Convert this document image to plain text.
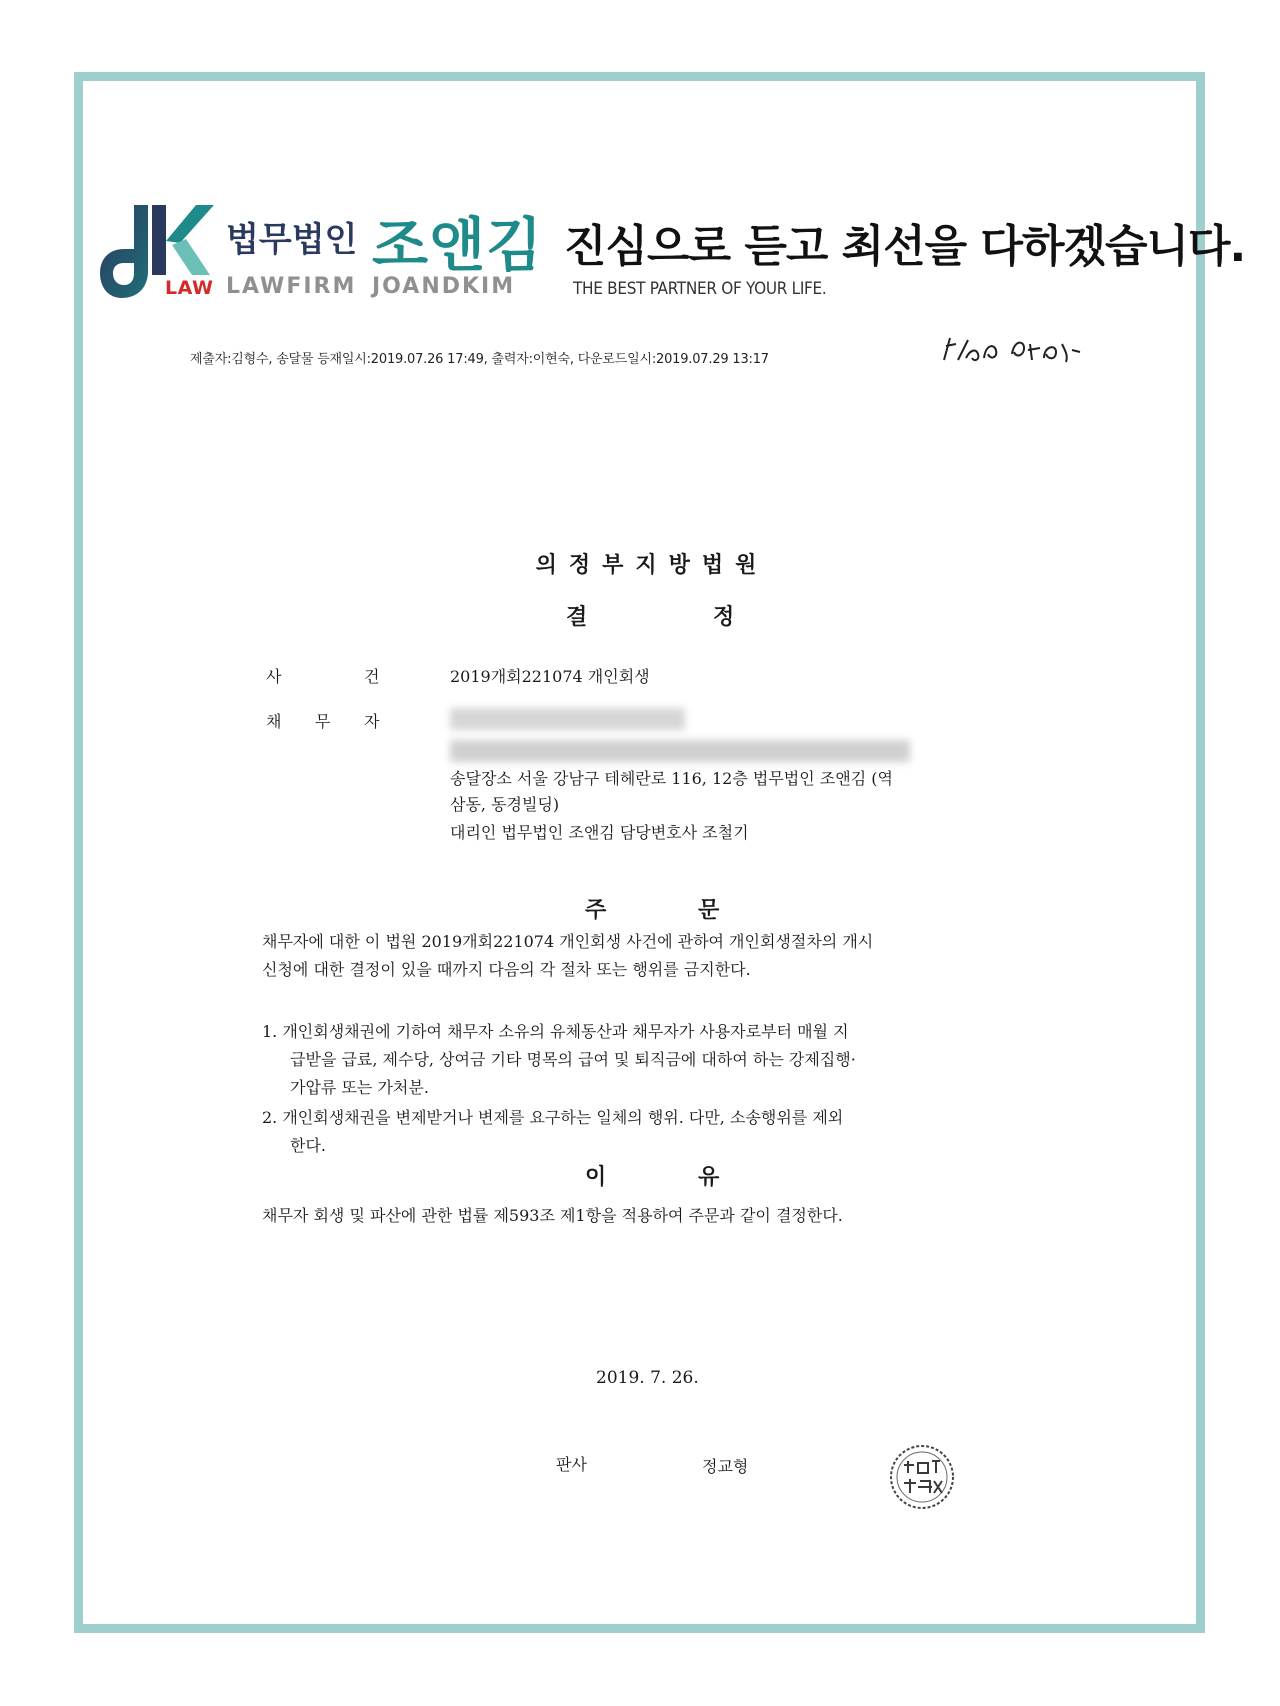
LAW
법무법인 조앤김
LAWFIRM JOANDKIM
진심으로 듣고 최선을 다하겠습니다.
THE BEST PARTNER OF YOUR LIFE.
제출자:김형수, 송달물 등재일시:2019.07.26 17:49, 출력자:이현숙, 다운로드일시:2019.07.29 13:17
의정부지방법원
결	정
사	건	2019개회221074 개인회생
채 무 자
송달장소 서울 강남구 테헤란로 116, 12층 법무법인 조앤김 (역
삼동, 동경빌딩)
대리인 법무법인 조앤김 담당변호사 조철기
주	문
채무자에 대한 이 법원 2019개회221074 개인회생 사건에 관하여 개인회생절차의 개시
신청에 대한 결정이 있을 때까지 다음의 각 절차 또는 행위를 금지한다.
1. 개인회생채권에 기하여 채무자 소유의 유체동산과 채무자가 사용자로부터 매월 지
급받을 급료, 제수당, 상여금 기타 명목의 급여 및 퇴직금에 대하여 하는 강제집행·
가압류 또는 가처분.
2. 개인회생채권을 변제받거나 변제를 요구하는 일체의 행위. 다만, 소송행위를 제외
한다.
이	유
채무자 회생 및 파산에 관한 법률 제593조 제1항을 적용하여 주문과 같이 결정한다.
2019. 7. 26.
판사	정교형
